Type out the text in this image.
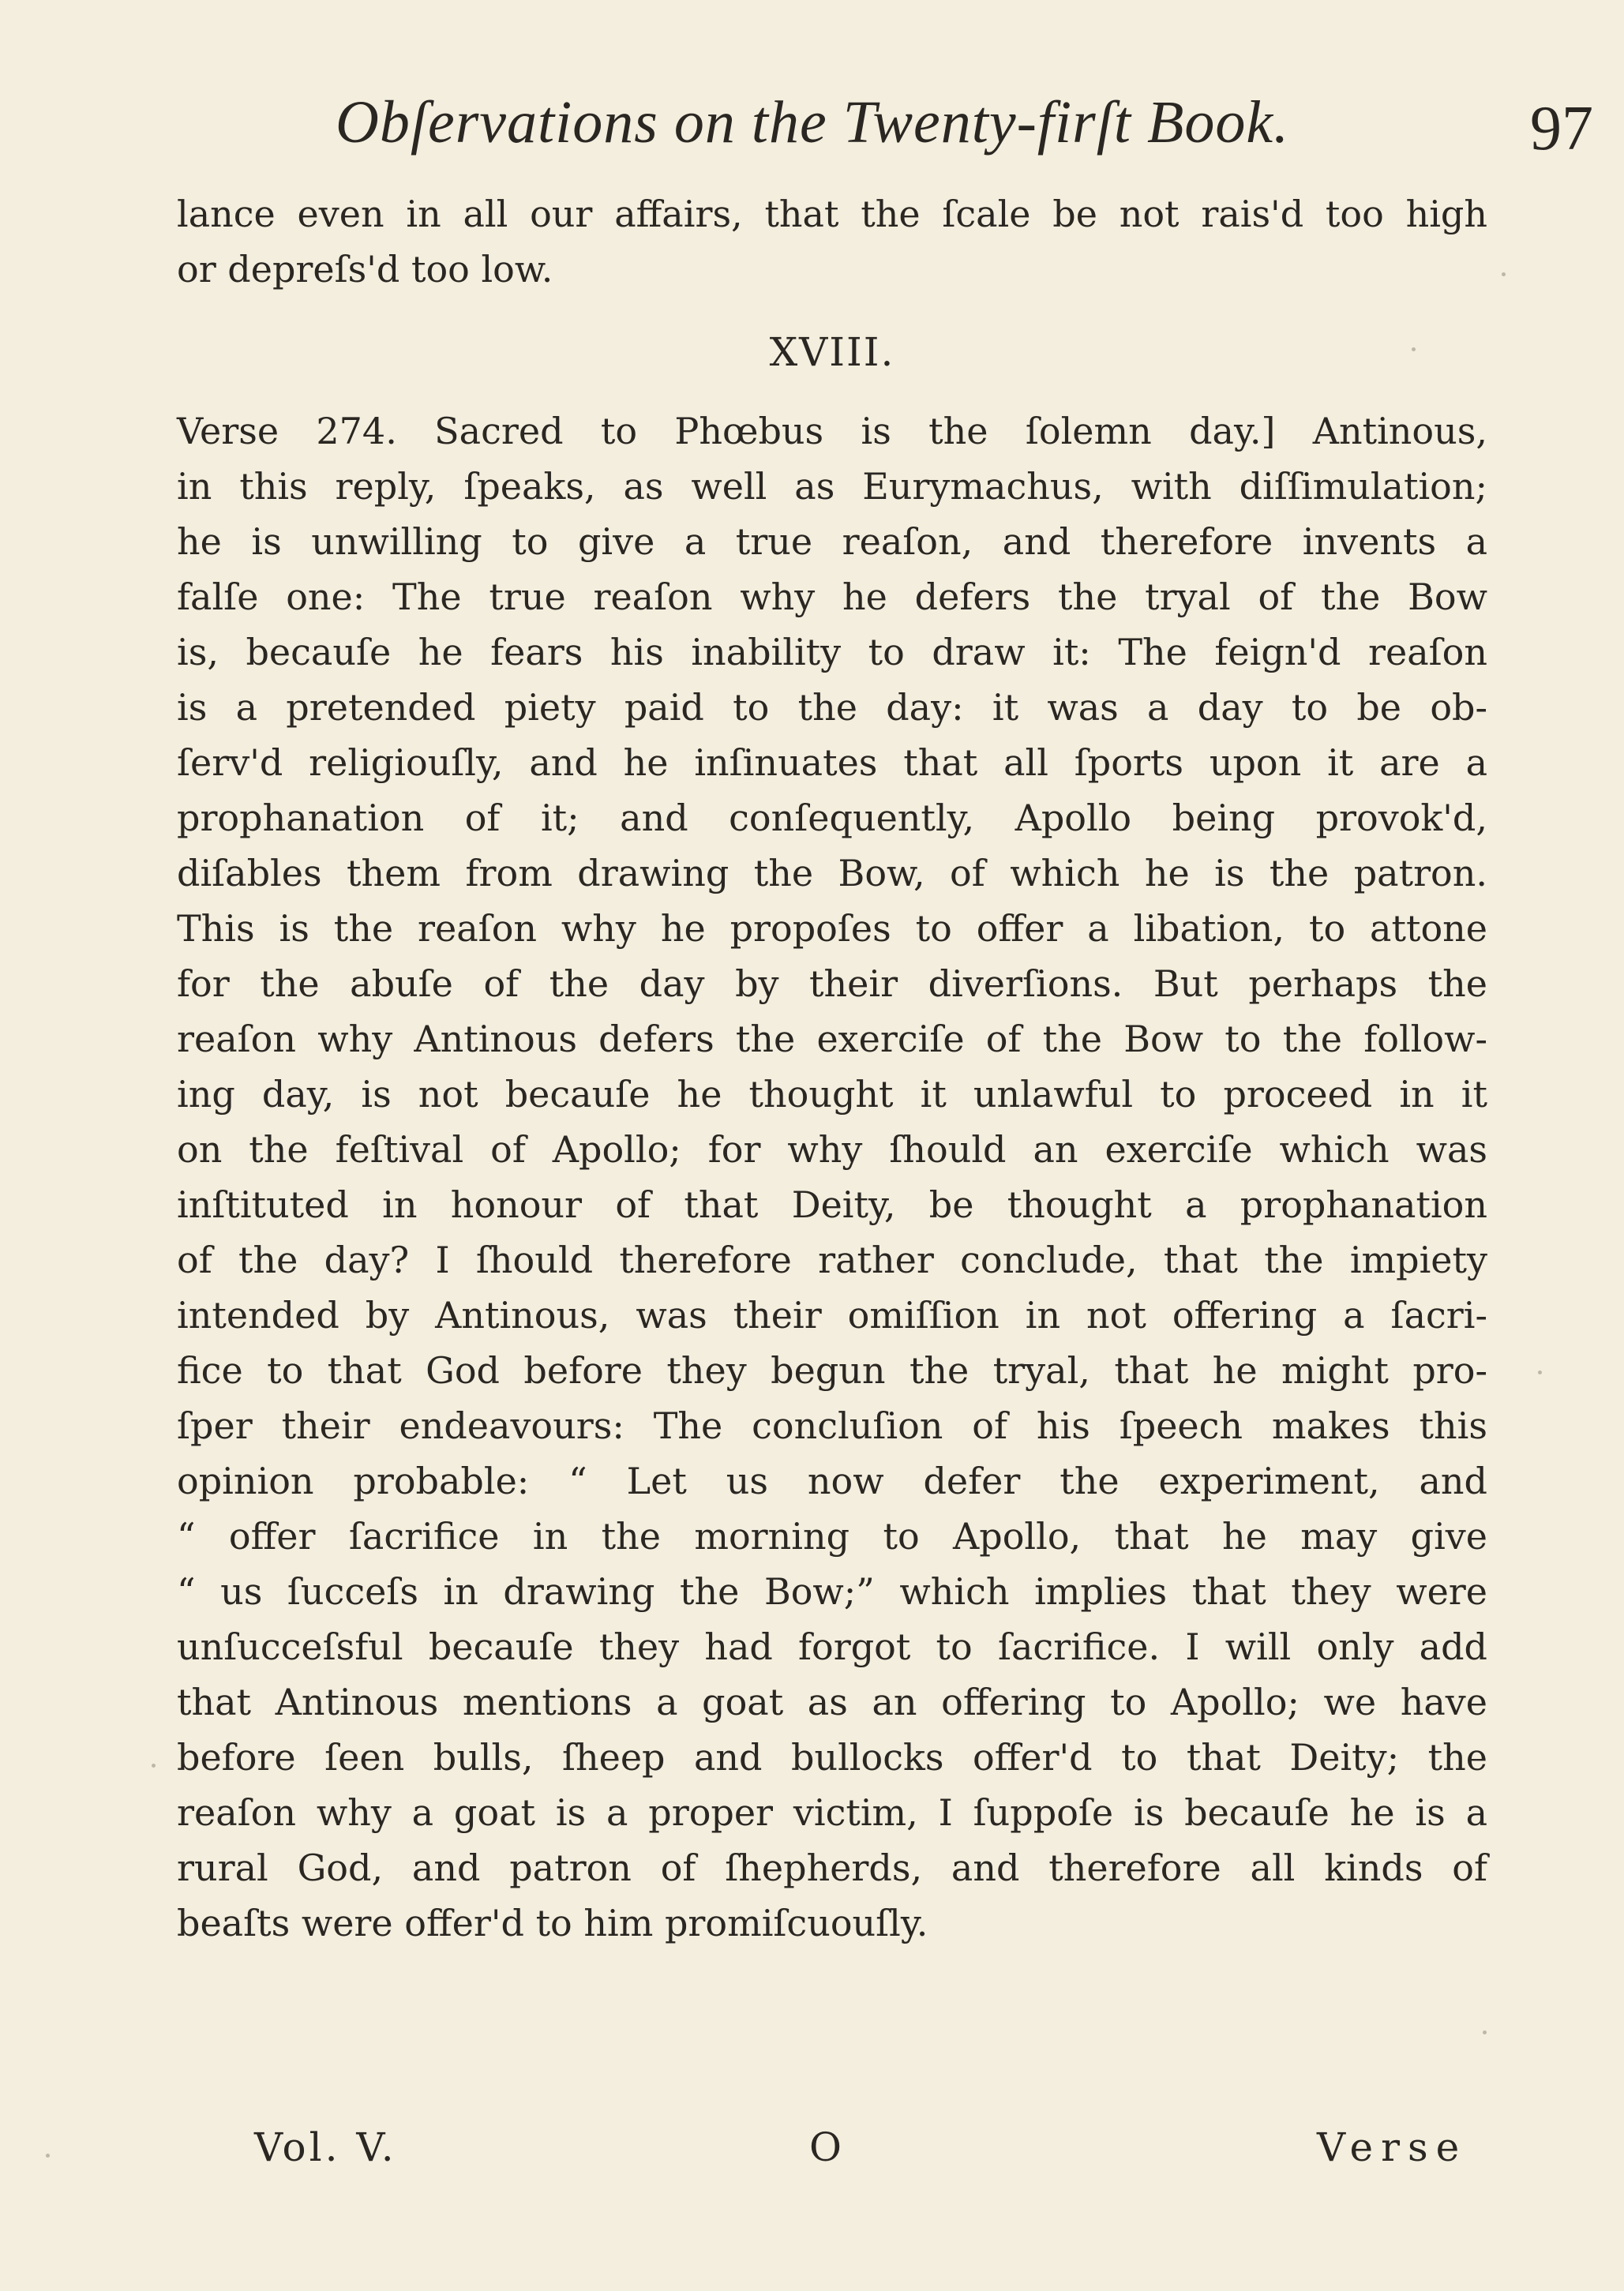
Obſervations on the Twenty-firſt Book.	97
lance even in all our affairs, that the ſcale be not rais'd too high
or depreſs'd too low.
XVIII.
Verse 274. Sacred to Phœbus is the ſolemn day.] Antinous,
in this reply, ſpeaks, as well as Eurymachus, with diſſimulation;
he is unwilling to give a true reaſon, and therefore invents a
falſe one: The true reaſon why he defers the tryal of the Bow
is, becauſe he fears his inability to draw it: The feign'd reaſon
is a pretended piety paid to the day: it was a day to be ob-
ſerv'd religiouſly, and he inſinuates that all ſports upon it are a
prophanation of it; and conſequently, Apollo being provok'd,
diſables them from drawing the Bow, of which he is the patron.
This is the reaſon why he propoſes to offer a libation, to attone
for the abuſe of the day by their diverſions. But perhaps the
reaſon why Antinous defers the exerciſe of the Bow to the follow-
ing day, is not becauſe he thought it unlawful to proceed in it
on the feſtival of Apollo; for why ſhould an exerciſe which was
inſtituted in honour of that Deity, be thought a prophanation
of the day? I ſhould therefore rather conclude, that the impiety
intended by Antinous, was their omiſſion in not offering a ſacri-
fice to that God before they begun the tryal, that he might pro-
ſper their endeavours: The concluſion of his ſpeech makes this
opinion probable: “ Let us now defer the experiment, and
“ offer ſacrifice in the morning to Apollo, that he may give
“ us ſucceſs in drawing the Bow;” which implies that they were
unſucceſsful becauſe they had forgot to ſacrifice. I will only add
that Antinous mentions a goat as an offering to Apollo; we have
before ſeen bulls, ſheep and bullocks offer'd to that Deity; the
reaſon why a goat is a proper victim, I ſuppoſe is becauſe he is a
rural God, and patron of ſhepherds, and therefore all kinds of
beaſts were offer'd to him promiſcuouſly.
Vol. V.	O	Verse
